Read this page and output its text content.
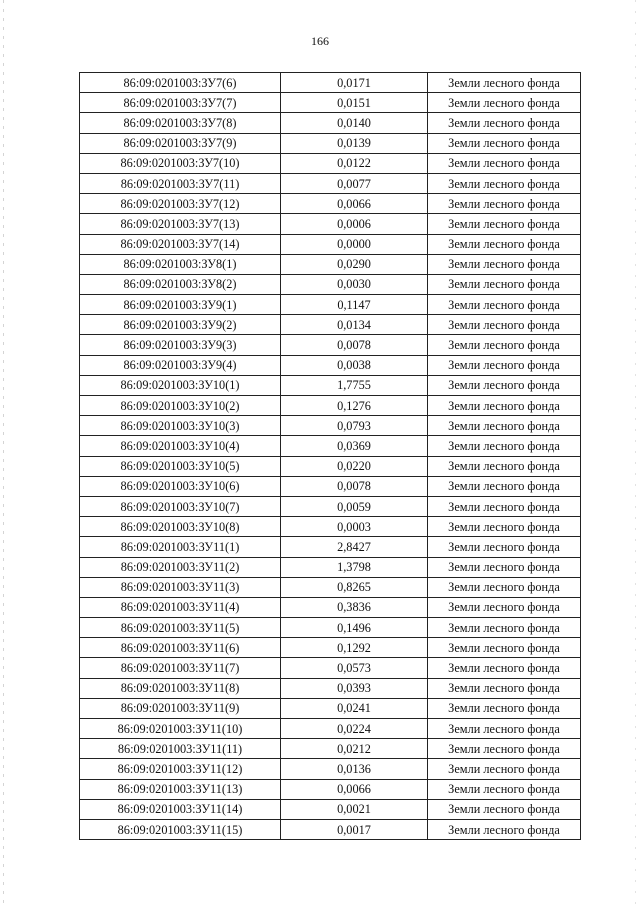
166
86:09:0201003:ЗУ7(6)	0,0171	Земли лесного фонда
86:09:0201003:ЗУ7(7)	0,0151	Земли лесного фонда
86:09:0201003:ЗУ7(8)	0,0140	Земли лесного фонда
86:09:0201003:ЗУ7(9)	0,0139	Земли лесного фонда
86:09:0201003:ЗУ7(10)	0,0122	Земли лесного фонда
86:09:0201003:ЗУ7(11)	0,0077	Земли лесного фонда
86:09:0201003:ЗУ7(12)	0,0066	Земли лесного фонда
86:09:0201003:ЗУ7(13)	0,0006	Земли лесного фонда
86:09:0201003:ЗУ7(14)	0,0000	Земли лесного фонда
86:09:0201003:ЗУ8(1)	0,0290	Земли лесного фонда
86:09:0201003:ЗУ8(2)	0,0030	Земли лесного фонда
86:09:0201003:ЗУ9(1)	0,1147	Земли лесного фонда
86:09:0201003:ЗУ9(2)	0,0134	Земли лесного фонда
86:09:0201003:ЗУ9(3)	0,0078	Земли лесного фонда
86:09:0201003:ЗУ9(4)	0,0038	Земли лесного фонда
86:09:0201003:ЗУ10(1)	1,7755	Земли лесного фонда
86:09:0201003:ЗУ10(2)	0,1276	Земли лесного фонда
86:09:0201003:ЗУ10(3)	0,0793	Земли лесного фонда
86:09:0201003:ЗУ10(4)	0,0369	Земли лесного фонда
86:09:0201003:ЗУ10(5)	0,0220	Земли лесного фонда
86:09:0201003:ЗУ10(6)	0,0078	Земли лесного фонда
86:09:0201003:ЗУ10(7)	0,0059	Земли лесного фонда
86:09:0201003:ЗУ10(8)	0,0003	Земли лесного фонда
86:09:0201003:ЗУ11(1)	2,8427	Земли лесного фонда
86:09:0201003:ЗУ11(2)	1,3798	Земли лесного фонда
86:09:0201003:ЗУ11(3)	0,8265	Земли лесного фонда
86:09:0201003:ЗУ11(4)	0,3836	Земли лесного фонда
86:09:0201003:ЗУ11(5)	0,1496	Земли лесного фонда
86:09:0201003:ЗУ11(6)	0,1292	Земли лесного фонда
86:09:0201003:ЗУ11(7)	0,0573	Земли лесного фонда
86:09:0201003:ЗУ11(8)	0,0393	Земли лесного фонда
86:09:0201003:ЗУ11(9)	0,0241	Земли лесного фонда
86:09:0201003:ЗУ11(10)	0,0224	Земли лесного фонда
86:09:0201003:ЗУ11(11)	0,0212	Земли лесного фонда
86:09:0201003:ЗУ11(12)	0,0136	Земли лесного фонда
86:09:0201003:ЗУ11(13)	0,0066	Земли лесного фонда
86:09:0201003:ЗУ11(14)	0,0021	Земли лесного фонда
86:09:0201003:ЗУ11(15)	0,0017	Земли лесного фонда
